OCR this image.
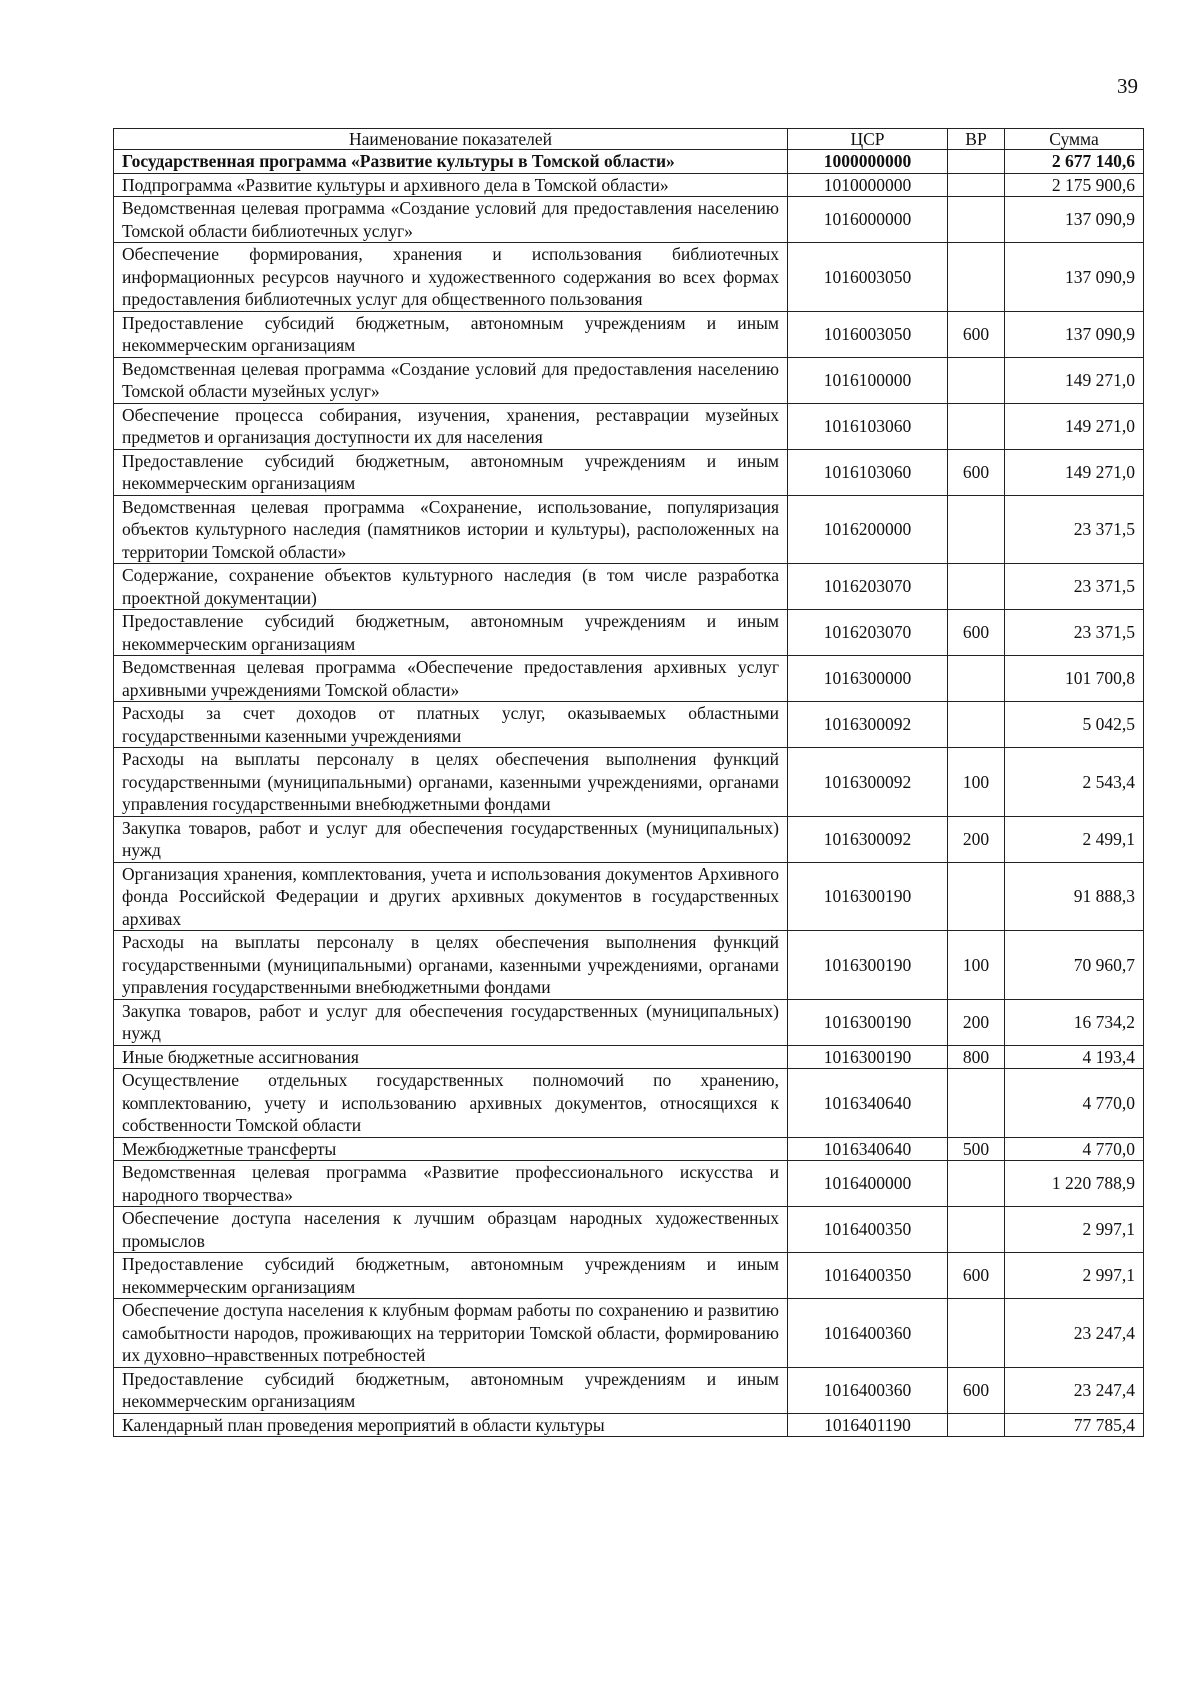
39
Наименование показателей	ЦСР	ВР	Сумма
Государственная программа «Развитие культуры в Томской области»	1000000000		2 677 140,6
Подпрограмма «Развитие культуры и архивного дела в Томской области»	1010000000		2 175 900,6
Ведомственная целевая программа «Создание условий для предоставления населению Томской области библиотечных услуг»	1016000000		137 090,9
Обеспечение формирования, хранения и использования библиотечных информационных ресурсов научного и художественного содержания во всех формах предоставления библиотечных услуг для общественного пользования	1016003050		137 090,9
Предоставление субсидий бюджетным, автономным учреждениям и иным некоммерческим организациям	1016003050	600	137 090,9
Ведомственная целевая программа «Создание условий для предоставления населению Томской области музейных услуг»	1016100000		149 271,0
Обеспечение процесса собирания, изучения, хранения, реставрации музейных предметов и организация доступности их для населения	1016103060		149 271,0
Предоставление субсидий бюджетным, автономным учреждениям и иным некоммерческим организациям	1016103060	600	149 271,0
Ведомственная целевая программа «Сохранение, использование, популяризация объектов культурного наследия (памятников истории и культуры), расположенных на территории Томской области»	1016200000		23 371,5
Содержание, сохранение объектов культурного наследия (в том числе разработка проектной документации)	1016203070		23 371,5
Предоставление субсидий бюджетным, автономным учреждениям и иным некоммерческим организациям	1016203070	600	23 371,5
Ведомственная целевая программа «Обеспечение предоставления архивных услуг архивными учреждениями Томской области»	1016300000		101 700,8
Расходы за счет доходов от платных услуг, оказываемых областными государственными казенными учреждениями	1016300092		5 042,5
Расходы на выплаты персоналу в целях обеспечения выполнения функций государственными (муниципальными) органами, казенными учреждениями, органами управления государственными внебюджетными фондами	1016300092	100	2 543,4
Закупка товаров, работ и услуг для обеспечения государственных (муниципальных) нужд	1016300092	200	2 499,1
Организация хранения, комплектования, учета и использования документов Архивного фонда Российской Федерации и других архивных документов в государственных архивах	1016300190		91 888,3
Расходы на выплаты персоналу в целях обеспечения выполнения функций государственными (муниципальными) органами, казенными учреждениями, органами управления государственными внебюджетными фондами	1016300190	100	70 960,7
Закупка товаров, работ и услуг для обеспечения государственных (муниципальных) нужд	1016300190	200	16 734,2
Иные бюджетные ассигнования	1016300190	800	4 193,4
Осуществление отдельных государственных полномочий по хранению, комплектованию, учету и использованию архивных документов, относящихся к собственности Томской области	1016340640		4 770,0
Межбюджетные трансферты	1016340640	500	4 770,0
Ведомственная целевая программа «Развитие профессионального искусства и народного творчества»	1016400000		1 220 788,9
Обеспечение доступа населения к лучшим образцам народных художественных промыслов	1016400350		2 997,1
Предоставление субсидий бюджетным, автономным учреждениям и иным некоммерческим организациям	1016400350	600	2 997,1
Обеспечение доступа населения к клубным формам работы по сохранению и развитию самобытности народов, проживающих на территории Томской области, формированию их духовно–нравственных потребностей	1016400360		23 247,4
Предоставление субсидий бюджетным, автономным учреждениям и иным некоммерческим организациям	1016400360	600	23 247,4
Календарный план проведения мероприятий в области культуры	1016401190		77 785,4
